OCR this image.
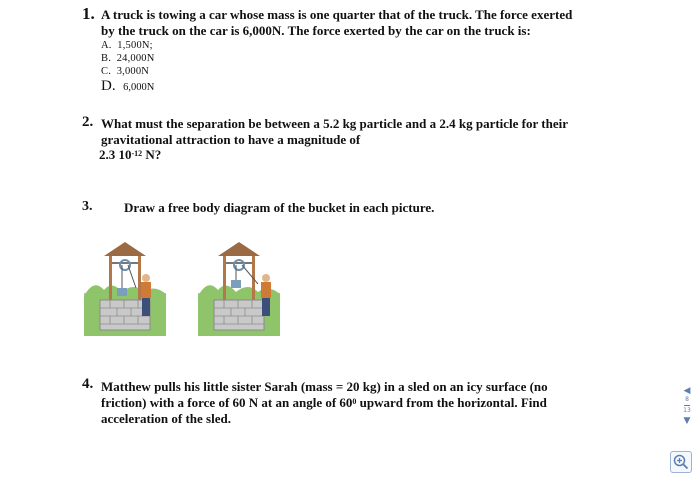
1. A truck is towing a car whose mass is one quarter that of the truck. The force exerted
by the truck on the car is 6,000N. The force exerted by the car on the truck is:
A. 1,500N;
B. 24,000N
C. 3,000N
D. 6,000N
2. What must the separation be between a 5.2 kg particle and a 2.4 kg particle for their
gravitational attraction to have a magnitude of
2.3 $10^{-12}$ N?
3. Draw a free body diagram of the bucket in each picture.
4. Matthew pulls his little sister Sarah (mass = 20 kg) in a sled on an icy surface (no
friction) with a force of 60 N at an angle of $60^0$ upward from the horizontal. Find
acceleration of the sled.
◀
8
13
▼
